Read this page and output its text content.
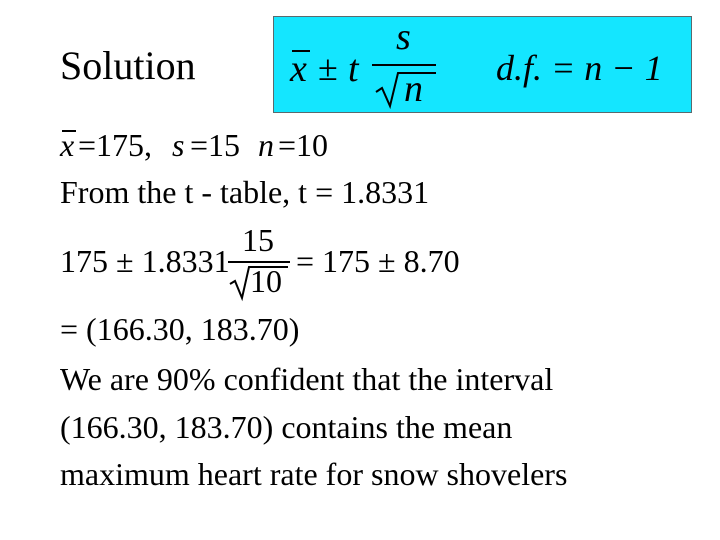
Solution x ± t
s
n d.f. = n − 1
x =175, s =15 n =10
From the t - table, t = 1.8331
175 ± 1.8331
15
10
= 175 ± 8.70
= (166.30, 183.70)
We are 90% confident that the interval
(166.30, 183.70) contains the mean
maximum heart rate for snow shovelers
